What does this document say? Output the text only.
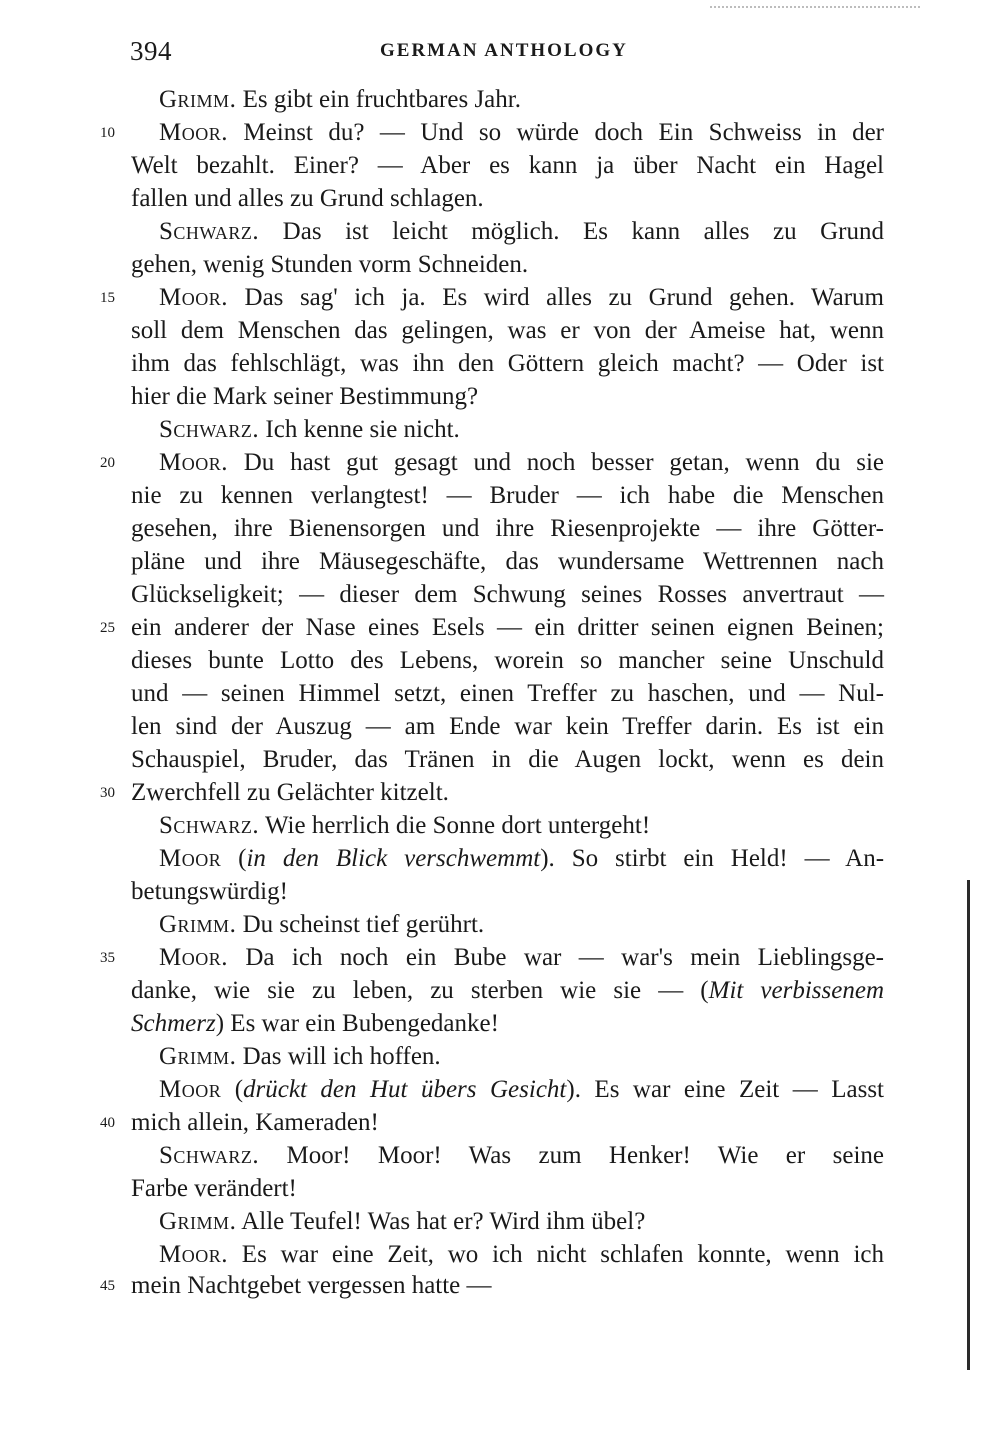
394	GERMAN ANTHOLOGY
10
15
20
25
30
35
40
45
Grimm. Es gibt ein fruchtbares Jahr.
Moor. Meinst du? — Und so würde doch Ein Schweiss in der
Welt bezahlt. Einer? — Aber es kann ja über Nacht ein Hagel
fallen und alles zu Grund schlagen.
Schwarz. Das ist leicht möglich. Es kann alles zu Grund
gehen, wenig Stunden vorm Schneiden.
Moor. Das sag' ich ja. Es wird alles zu Grund gehen. Warum
soll dem Menschen das gelingen, was er von der Ameise hat, wenn
ihm das fehlschlägt, was ihn den Göttern gleich macht? — Oder ist
hier die Mark seiner Bestimmung?
Schwarz. Ich kenne sie nicht.
Moor. Du hast gut gesagt und noch besser getan, wenn du sie
nie zu kennen verlangtest! — Bruder — ich habe die Menschen
gesehen, ihre Bienensorgen und ihre Riesenprojekte — ihre Götter-
pläne und ihre Mäusegeschäfte, das wundersame Wettrennen nach
Glückseligkeit; — dieser dem Schwung seines Rosses anvertraut —
ein anderer der Nase eines Esels — ein dritter seinen eignen Beinen;
dieses bunte Lotto des Lebens, worein so mancher seine Unschuld
und — seinen Himmel setzt, einen Treffer zu haschen, und — Nul-
len sind der Auszug — am Ende war kein Treffer darin. Es ist ein
Schauspiel, Bruder, das Tränen in die Augen lockt, wenn es dein
Zwerchfell zu Gelächter kitzelt.
Schwarz. Wie herrlich die Sonne dort untergeht!
Moor (in den Blick verschwemmt). So stirbt ein Held! — An-
betungswürdig!
Grimm. Du scheinst tief gerührt.
Moor. Da ich noch ein Bube war — war's mein Lieblingsge-
danke, wie sie zu leben, zu sterben wie sie — (Mit verbissenem
Schmerz) Es war ein Bubengedanke!
Grimm. Das will ich hoffen.
Moor (drückt den Hut übers Gesicht). Es war eine Zeit — Lasst
mich allein, Kameraden!
Schwarz. Moor! Moor! Was zum Henker! Wie er seine
Farbe verändert!
Grimm. Alle Teufel! Was hat er? Wird ihm übel?
Moor. Es war eine Zeit, wo ich nicht schlafen konnte, wenn ich
mein Nachtgebet vergessen hatte —
